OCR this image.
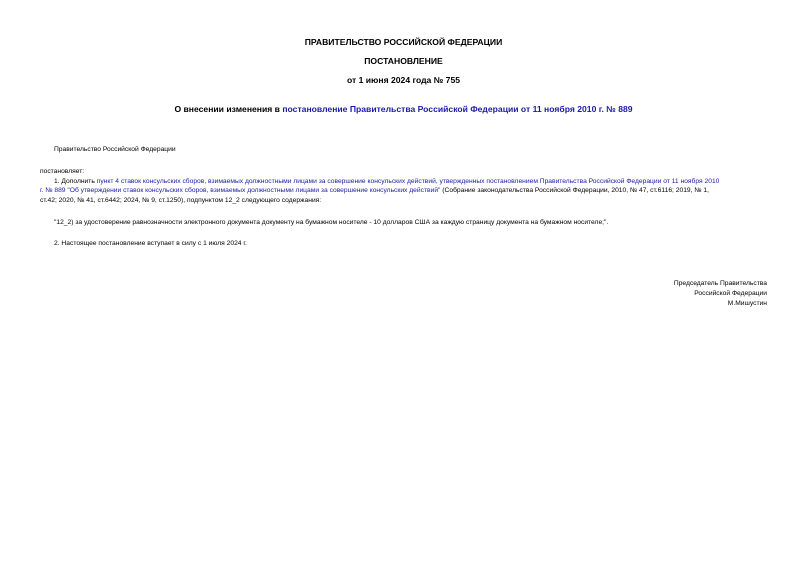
ПРАВИТЕЛЬСТВО РОССИЙСКОЙ ФЕДЕРАЦИИ
ПОСТАНОВЛЕНИЕ
от 1 июня 2024 года № 755
О внесении изменения в постановление Правительства Российской Федерации от 11 ноября 2010 г. № 889
Правительство Российской Федерации
постановляет:
1. Дополнить пункт 4 ставок консульских сборов, взимаемых должностными лицами за совершение консульских действий, утвержденных постановлением Правительства Российской Федерации от 11 ноября 2010
г. № 889 "Об утверждении ставок консульских сборов, взимаемых должностными лицами за совершение консульских действий" (Собрание законодательства Российской Федерации, 2010, № 47, ст.6116; 2019, № 1,
ст.42; 2020, № 41, ст.6442; 2024, № 9, ст.1250), подпунктом 12_2 следующего содержания:
"12_2) за удостоверение равнозначности электронного документа документу на бумажном носителе - 10 долларов США за каждую страницу документа на бумажном носителе;".
2. Настоящее постановление вступает в силу с 1 июля 2024 г.
Председатель Правительства
Российской Федерации
М.Мишустин
